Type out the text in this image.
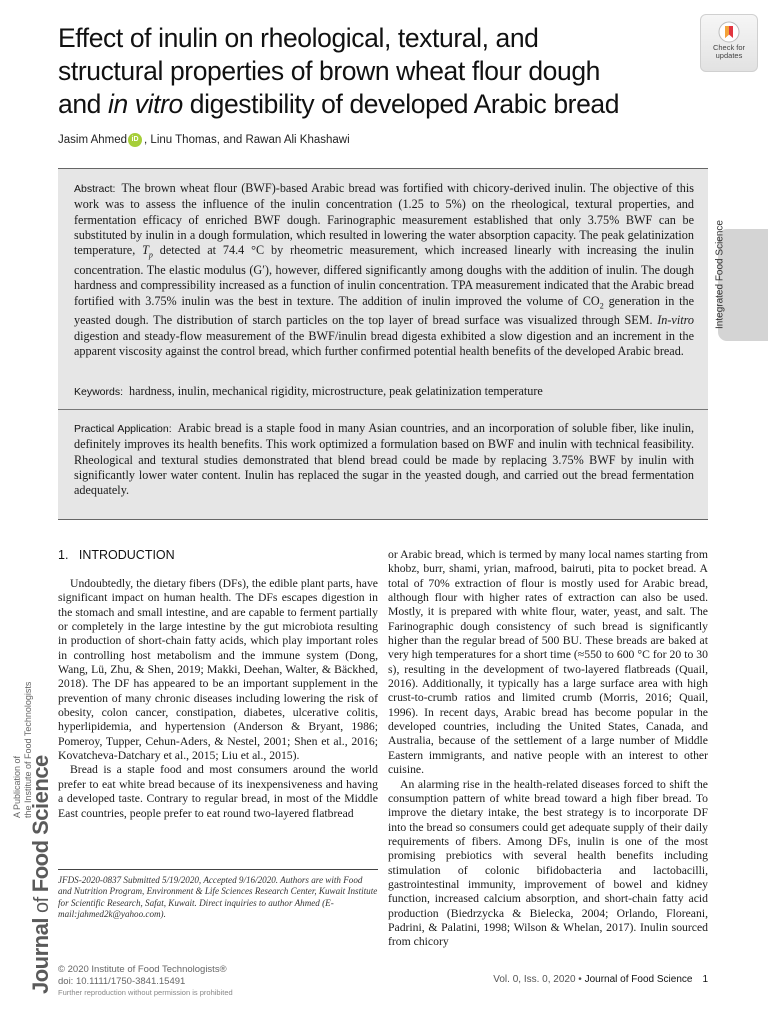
Effect of inulin on rheological, textural, and
structural properties of brown wheat flour dough
and in vitro digestibility of developed Arabic bread
Check for
updates
Jasim Ahmed iD , Linu Thomas, and Rawan Ali Khashawi
Integrated Food Science
Abstract: The brown wheat flour (BWF)-based Arabic bread was fortified with chicory-derived inulin. The objective of this work was to assess the influence of the inulin concentration (1.25 to 5%) on the rheological, textural properties, and fermentation efficacy of enriched BWF dough. Farinographic measurement established that only 3.75% BWF can be substituted by inulin in a dough formulation, which resulted in lowering the water absorption capacity. The peak gelatinization temperature, $T_p$ detected at 74.4 °C by rheometric measurement, which increased linearly with increasing the inulin concentration. The elastic modulus (G′), however, differed significantly among doughs with the addition of inulin. The dough hardness and compressibility increased as a function of inulin concentration. TPA measurement indicated that the Arabic bread fortified with 3.75% inulin was the best in texture. The addition of inulin improved the volume of $CO_2$ generation in the yeasted dough. The distribution of starch particles on the top layer of bread surface was visualized through SEM. In-vitro digestion and steady-flow measurement of the BWF/inulin bread digesta exhibited a slow digestion and an increment in the apparent viscosity against the control bread, which further confirmed potential health benefits of the developed Arabic bread.
Keywords: hardness, inulin, mechanical rigidity, microstructure, peak gelatinization temperature
Practical Application: Arabic bread is a staple food in many Asian countries, and an incorporation of soluble fiber, like inulin, definitely improves its health benefits. This work optimized a formulation based on BWF and inulin with technical feasibility. Rheological and textural studies demonstrated that blend bread could be made by replacing 3.75% BWF by inulin with significantly lower water content. Inulin has replaced the sugar in the yeasted dough, and carried out the bread fermentation adequately.
1. INTRODUCTION

Undoubtedly, the dietary fibers (DFs), the edible plant parts, have significant impact on human health. The DFs escapes digestion in the stomach and small intestine, and are capable to ferment partially or completely in the large intestine by the gut microbiota resulting in production of short-chain fatty acids, which play important roles in controlling host metabolism and the immune system (Dong, Wang, Lü, Zhu, & Shen, 2019; Makki, Deehan, Walter, & Bäckhed, 2018). The DF has appeared to be an important supplement in the prevention of many chronic diseases including lowering the risk of obesity, colon cancer, constipation, diabetes, ulcerative colitis, hyperlipidemia, and hypertension (Anderson & Bryant, 1986; Pomeroy, Tupper, Cehun-Aders, & Nestel, 2001; Shen et al., 2016; Kovatcheva-Datchary et al., 2015; Liu et al., 2015).

Bread is a staple food and most consumers around the world prefer to eat white bread because of its inexpensiveness and having a developed taste. Contrary to regular bread, in most of the Middle East countries, people prefer to eat round two-layered flatbread

or Arabic bread, which is termed by many local names starting from khobz, burr, shami, yrian, mafrood, bairuti, pita to pocket bread. A total of 70% extraction of flour is mostly used for Arabic bread, although flour with higher rates of extraction can also be used. Mostly, it is prepared with white flour, water, yeast, and salt. The Farinographic dough consistency of such bread is significantly higher than the regular bread of 500 BU. These breads are baked at very high temperatures for a short time (≈550 to 600 °C for 20 to 30 s), resulting in the development of two-layered flatbreads (Quail, 2016). Additionally, it typically has a large surface area with high crust-to-crumb ratios and limited crumb (Morris, 2016; Quail, 1996). In recent days, Arabic bread has become popular in the developed countries, including the United States, Canada, and Australia, because of the settlement of a large number of Middle Eastern immigrants, and native people with an interest to other cuisine.

An alarming rise in the health-related diseases forced to shift the consumption pattern of white bread toward a high fiber bread. To improve the dietary intake, the best strategy is to incorporate DF into the bread so consumers could get adequate supply of their daily requirements of fibers. Among DFs, inulin is one of the most promising prebiotics with several health benefits including stimulation of colonic bifidobacteria and lactobacilli, gastrointestinal immunity, improvement of bowel and kidney function, increased calcium absorption, and short-chain fatty acid production (Biedrzycka & Bielecka, 2004; Orlando, Floreani, Padrini, & Palatini, 1998; Wilson & Whelan, 2017). Inulin sourced from chicory

JFDS-2020-0837 Submitted 5/19/2020, Accepted 9/16/2020. Authors are with Food and Nutrition Program, Environment & Life Sciences Research Center, Kuwait Institute for Scientific Research, Safat, Kuwait. Direct inquiries to author Ahmed (E-mail:jahmed2k@yahoo.com).
A Publication of the Institute of Food Technologists
Journal of Food Science
© 2020 Institute of Food Technologists®
doi: 10.1111/1750-3841.15491
Further reproduction without permission is prohibited
Vol. 0, Iss. 0, 2020 • Journal of Food Science 1
